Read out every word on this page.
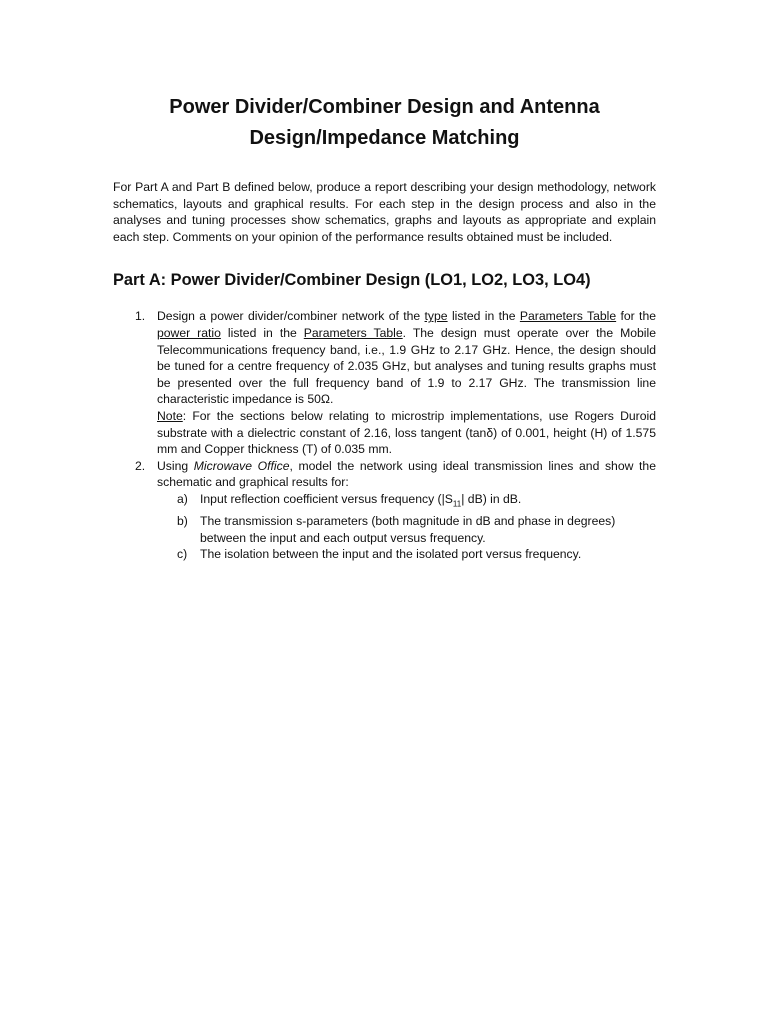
Power Divider/Combiner Design and Antenna
Design/Impedance Matching

For Part A and Part B defined below, produce a report describing your design methodology, network schematics, layouts and graphical results. For each step in the design process and also in the analyses and tuning processes show schematics, graphs and layouts as appropriate and explain each step. Comments on your opinion of the performance results obtained must be included.

Part A: Power Divider/Combiner Design (LO1, LO2, LO3, LO4)
1. Design a power divider/combiner network of the type listed in the Parameters Table for the power ratio listed in the Parameters Table. The design must operate over the Mobile Telecommunications frequency band, i.e., 1.9 GHz to 2.17 GHz. Hence, the design should be tuned for a centre frequency of 2.035 GHz, but analyses and tuning results graphs must be presented over the full frequency band of 1.9 to 2.17 GHz. The transmission line characteristic impedance is 50Ω.
Note: For the sections below relating to microstrip implementations, use Rogers Duroid substrate with a dielectric constant of 2.16, loss tangent (tanδ) of 0.001, height (H) of 1.575 mm and Copper thickness (T) of 0.035 mm.
2. Using Microwave Office, model the network using ideal transmission lines and show the schematic and graphical results for:
a) Input reflection coefficient versus frequency ($|S_{11}|$ dB) in dB.
b) The transmission s-parameters (both magnitude in dB and phase in degrees) between the input and each output versus frequency.
c) The isolation between the input and the isolated port versus frequency.
